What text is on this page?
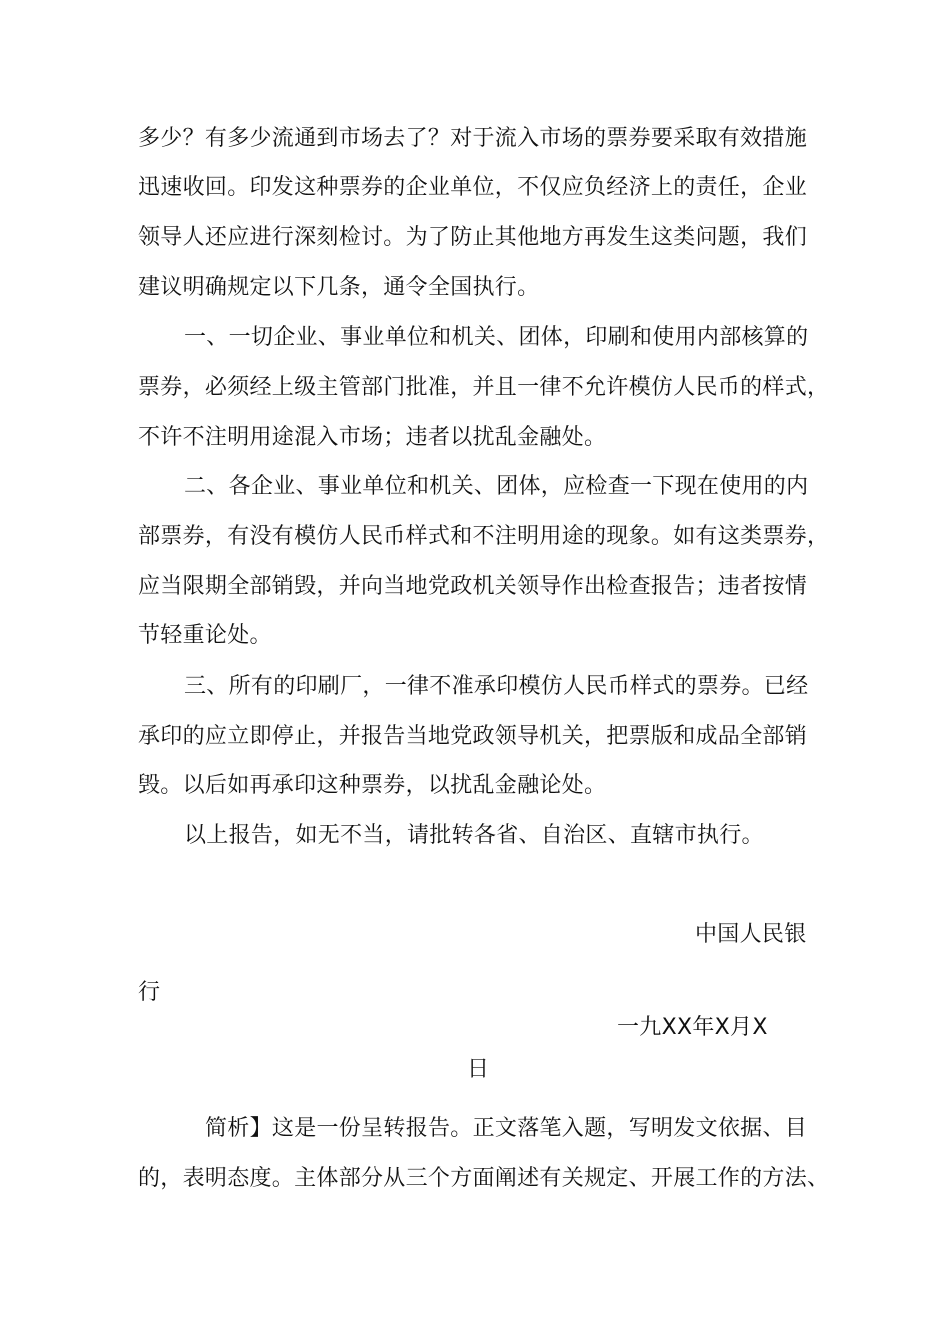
多少？有多少流通到市场去了？对于流入市场的票券要采取有效措施
迅速收回。印发这种票券的企业单位，不仅应负经济上的责任，企业
领导人还应进行深刻检讨。为了防止其他地方再发生这类问题，我们
建议明确规定以下几条，通令全国执行。
一、一切企业、事业单位和机关、团体，印刷和使用内部核算的
票券，必须经上级主管部门批准，并且一律不允许模仿人民币的样式，
不许不注明用途混入市场；违者以扰乱金融处。
二、各企业、事业单位和机关、团体，应检查一下现在使用的内
部票券，有没有模仿人民币样式和不注明用途的现象。如有这类票券，
应当限期全部销毁，并向当地党政机关领导作出检查报告；违者按情
节轻重论处。
三、所有的印刷厂，一律不准承印模仿人民币样式的票券。已经
承印的应立即停止，并报告当地党政领导机关，把票版和成品全部销
毁。以后如再承印这种票券，以扰乱金融论处。
以上报告，如无不当，请批转各省、自治区、直辖市执行。
中国人民银
行
一九XX年X月X
日
简析】这是一份呈转报告。正文落笔入题，写明发文依据、目
的，表明态度。主体部分从三个方面阐述有关规定、开展工作的方法、
